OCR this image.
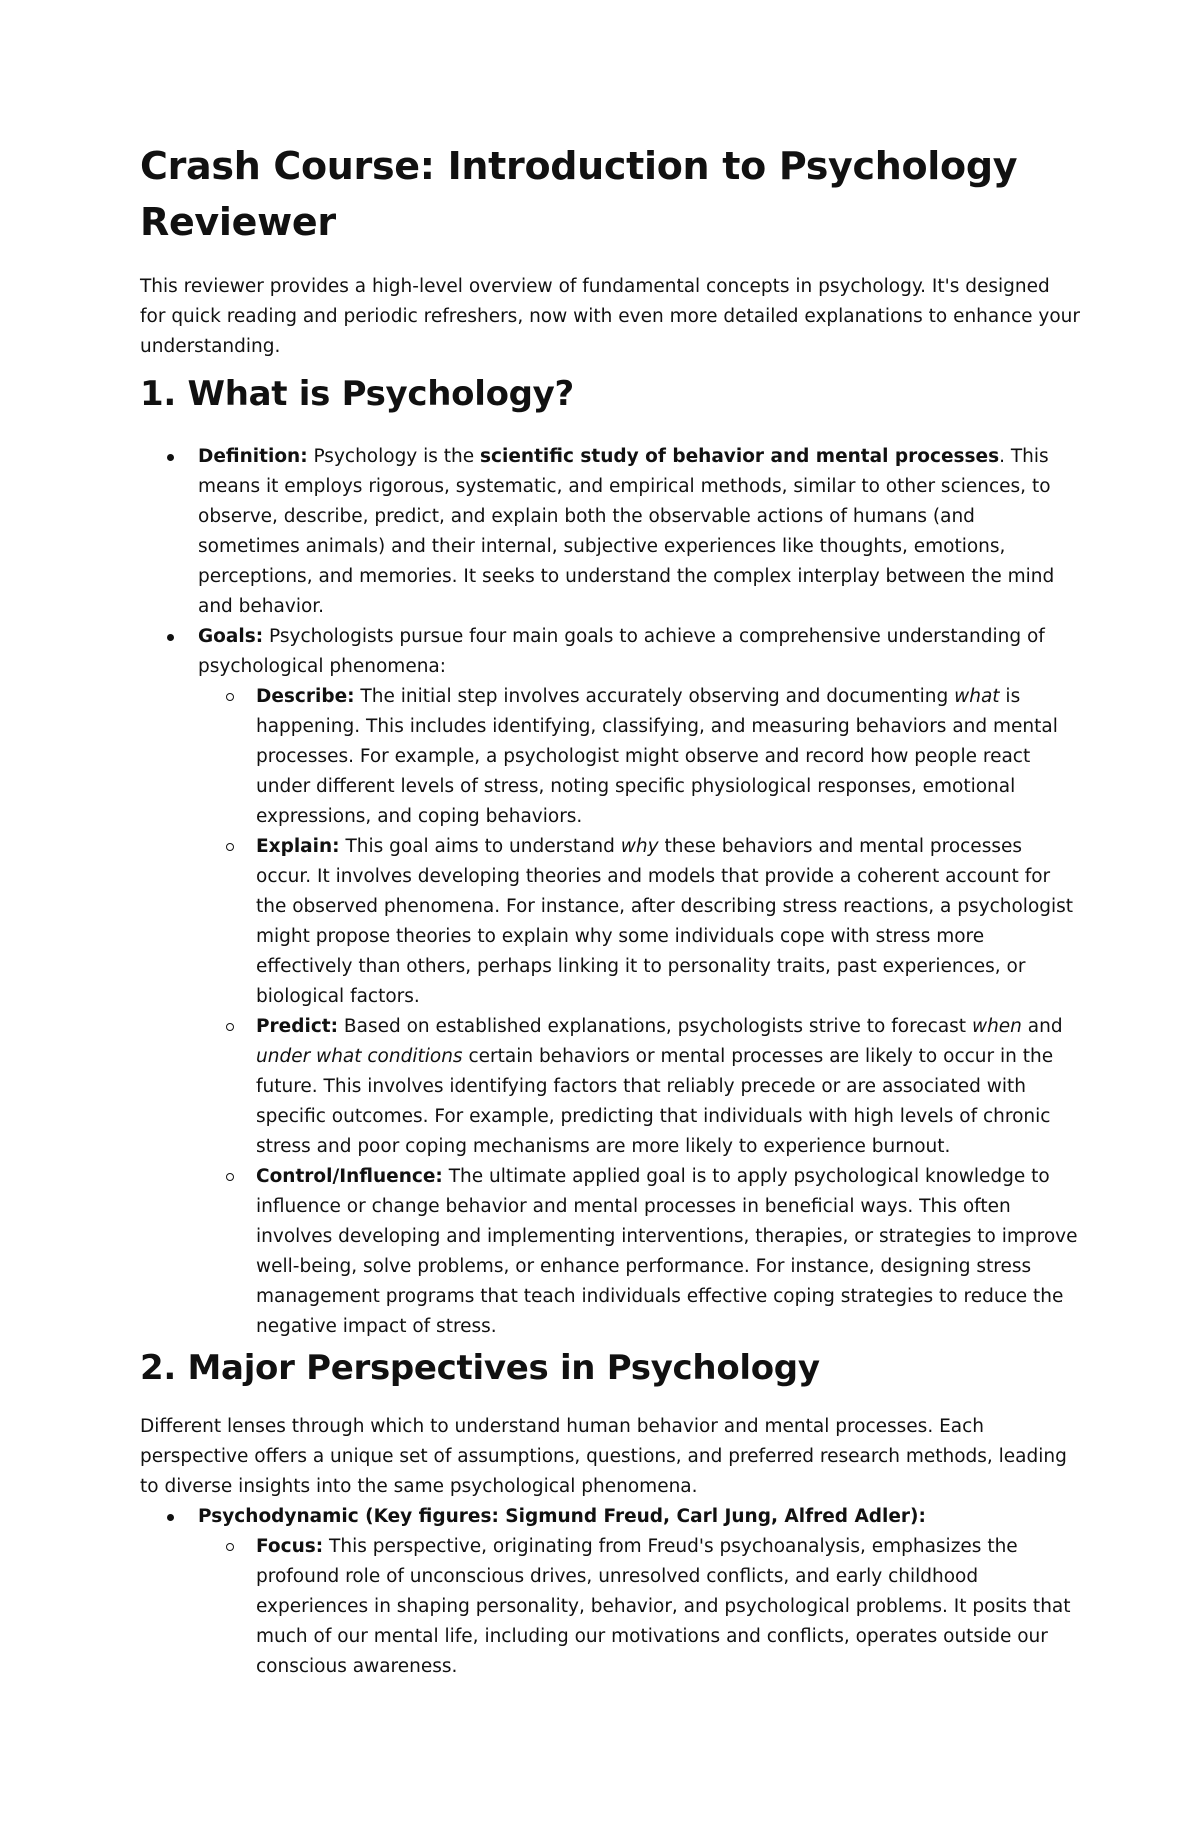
Crash Course: Introduction to Psychology Reviewer

This reviewer provides a high-level overview of fundamental concepts in psychology. It's designed for quick reading and periodic refreshers, now with even more detailed explanations to enhance your understanding.

1. What is Psychology?
Definition: Psychology is the scientific study of behavior and mental processes. This means it employs rigorous, systematic, and empirical methods, similar to other sciences, to observe, describe, predict, and explain both the observable actions of humans (and sometimes animals) and their internal, subjective experiences like thoughts, emotions, perceptions, and memories. It seeks to understand the complex interplay between the mind and behavior.
Goals: Psychologists pursue four main goals to achieve a comprehensive understanding of psychological phenomena:
Describe: The initial step involves accurately observing and documenting what is happening. This includes identifying, classifying, and measuring behaviors and mental processes. For example, a psychologist might observe and record how people react under different levels of stress, noting specific physiological responses, emotional expressions, and coping behaviors.
Explain: This goal aims to understand why these behaviors and mental processes occur. It involves developing theories and models that provide a coherent account for the observed phenomena. For instance, after describing stress reactions, a psychologist might propose theories to explain why some individuals cope with stress more effectively than others, perhaps linking it to personality traits, past experiences, or biological factors.
Predict: Based on established explanations, psychologists strive to forecast when and under what conditions certain behaviors or mental processes are likely to occur in the future. This involves identifying factors that reliably precede or are associated with specific outcomes. For example, predicting that individuals with high levels of chronic stress and poor coping mechanisms are more likely to experience burnout.
Control/Influence: The ultimate applied goal is to apply psychological knowledge to influence or change behavior and mental processes in beneficial ways. This often involves developing and implementing interventions, therapies, or strategies to improve well-being, solve problems, or enhance performance. For instance, designing stress management programs that teach individuals effective coping strategies to reduce the negative impact of stress.
2. Major Perspectives in Psychology

Different lenses through which to understand human behavior and mental processes. Each perspective offers a unique set of assumptions, questions, and preferred research methods, leading to diverse insights into the same psychological phenomena.

Psychodynamic (Key figures: Sigmund Freud, Carl Jung, Alfred Adler):
Focus: This perspective, originating from Freud's psychoanalysis, emphasizes the profound role of unconscious drives, unresolved conflicts, and early childhood experiences in shaping personality, behavior, and psychological problems. It posits that much of our mental life, including our motivations and conflicts, operates outside our conscious awareness.
